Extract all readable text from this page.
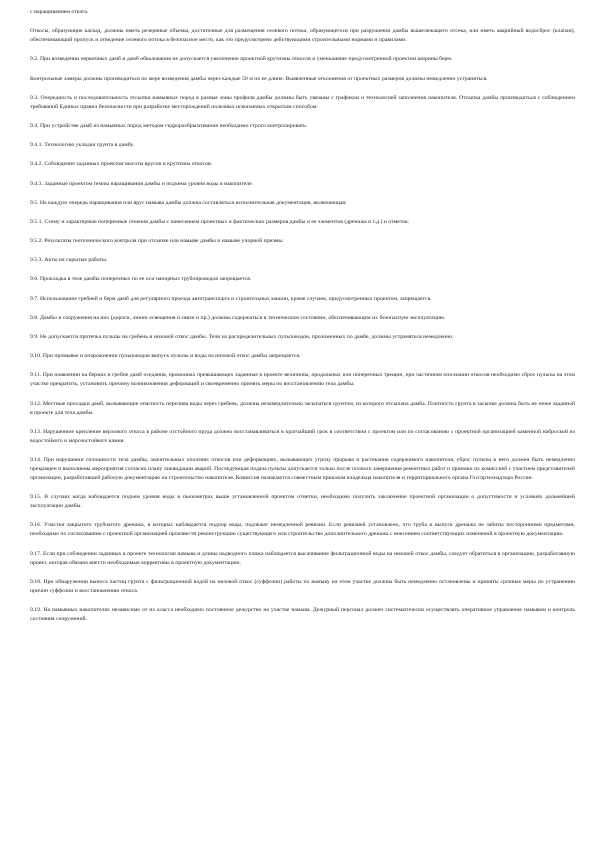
с наращиванием отката.

Откосы, образующие каскад, должны иметь резервные объемы, достаточные для размещения селевого потока, образующегося при разрушении дамбы вышележащего отсека, или иметь аварийный водосброс (клапан), обеспечивающий пропуск и отведение селевого потока в безопасное место, как это предусмотрено действующими строительными нормами и правилами.

9.2. При возведении первичных дамб и дамб обвалования не допускается увеличение проектной крутизны откосов и уменьшение предусмотренной проектом ширины берм.

Контрольные замеры должны производиться по мере возведения дамбы через каждые 50 м по ее длине. Выявленные отклонения от проектных размеров должны немедленно устраняться.

9.3. Очередность и последовательность отсыпки намывных пород в разные зоны профиля дамбы должны быть увязаны с графиком и технологией заполнения накопителя. Отсыпка дамбы производиться с соблюдением требований Единых правил безопасности при разработке месторождений полезных ископаемых открытым способом.

9.4. При устройстве дамб из намывных пород методом гидроразбрызгивания необходимо строго контролировать:

9.4.1. Технологию укладки грунта в дамбу.

9.4.2. Соблюдение заданных проектом высоты ярусов и крутизны откосов.

9.4.3. Заданные проектом темпы наращивания дамбы и подъема уровня воды в накопителе.

9.5. На каждую очередь наращивания или ярус намыва дамбы должна составляться исполнительная документация, включающая:

9.5.1. Схему и характерные поперечные сечения дамбы с нанесением проектных и фактических размеров дамбы и ее элементов (дренажа и т.д.) и отметок.

9.5.2. Результаты геотехнического контроля при отсыпке или намыве дамбы и намыве упорной призмы.

9.5.3. Акты на скрытые работы.

9.6. Прокладка в теле дамбы поперечных по ее оси напорных трубопроводов запрещается.

9.7. Использование гребней и берм дамб для регулярного проезда автотранспорта и строительных машин, кроме случаев, предусмотренных проектом, запрещается.

9.8. Дамбы и сооружения на них (дороги, линии освещения и связи и пр.) должны содержаться в техническом состоянии, обеспечивающем их безопасную эксплуатацию.

9.9. Не допускается протечка пульпы на гребень и низовой откос дамбы. Течи из распределительных пульповодов, проложенных по дамбе, должны устраняться немедленно.

9.10. При промывке и опорожнении пульповодов выпуск пульпы и воды на низовой откос дамбы запрещается.

9.11. При появлении на бермах и гребне дамб оседания, промоинах превышающих заданные в проекте величины, продольных или поперечных трещин, при частичном оползании откосов необходимо сброс пульпы на этом участке прекратить, установить причину возникновения деформаций и своевременно принять меры по восстановлению тела дамбы.

9.12. Местные просадки дамб, вызывающие опасность перелива воды через гребень, должны незамедлительно засыпаться грунтом, из которого отсыпана дамба. Плотность грунта в засыпке должна быть не ниже заданной в проекте для тела дамбы.

9.13. Нарушенное крепление верхового откоса в районе отстойного пруда должно восстанавливаться в кратчайший срок в соответствии с проектом или по согласованию с проектной организацией каменной наброской из водостойкого и морозостойкого камня.

9.14. При нарушении сплошности тела дамбы, значительных оползнях откосов или деформациях, вызывающих угрозу прорыва и растекания содержимого накопителя, сброс пульпы в него должен быть немедленно прекращен и выполнены мероприятия согласно плану ликвидации аварий. Последующая подача пульпы допускается только после полного завершения ремонтных работ и приемки их комиссией с участием представителей организации, разработавшей рабочую документацию на строительство накопителя. Комиссия назначается совместным приказом владельца накопителя и территориального органа Госгортехнадзора России.

9.15. В случаях когда наблюдается подъем уровня воды в пьезометрах выше установленной проектом отметки, необходимо получить заключение проектной организации о допустимости и условиях дальнейшей эксплуатации дамбы.

9.16. Участки закрытого трубчатого дренажа, в которых наблюдается подпор воды, подлежат немедленной ревизии. Если ревизией установлено, что труба и выпуск дренажа не забиты посторонними предметами, необходимо по согласованию с проектной организацией произвести реконструкцию существующего или строительство дополнительного дренажа с внесением соответствующих изменений в проектную документацию.

9.17. Если при соблюдении заданных в проекте технологии намыва и длины надводного пляжа наблюдается высачивание фильтрационной воды на низовой откос дамбы, следует обратиться в организацию, разработавшую проект, которая обязана внести необходимые коррективы в проектную документацию.

9.18. При обнаружении выноса частиц грунта с фильтрационной водой на низовой откос (суффозии) работы по намыву на этом участке должны быть немедленно остановлены и приняты срочные меры по устранению причин суффозии и восстановлению откоса.

9.19. На намывных накопителях независимо от их класса необходимо постоянное дежурство на участке намыва. Дежурный персонал должен систематически осуществлять оперативное управление намывом и контроль состояния сооружений.
